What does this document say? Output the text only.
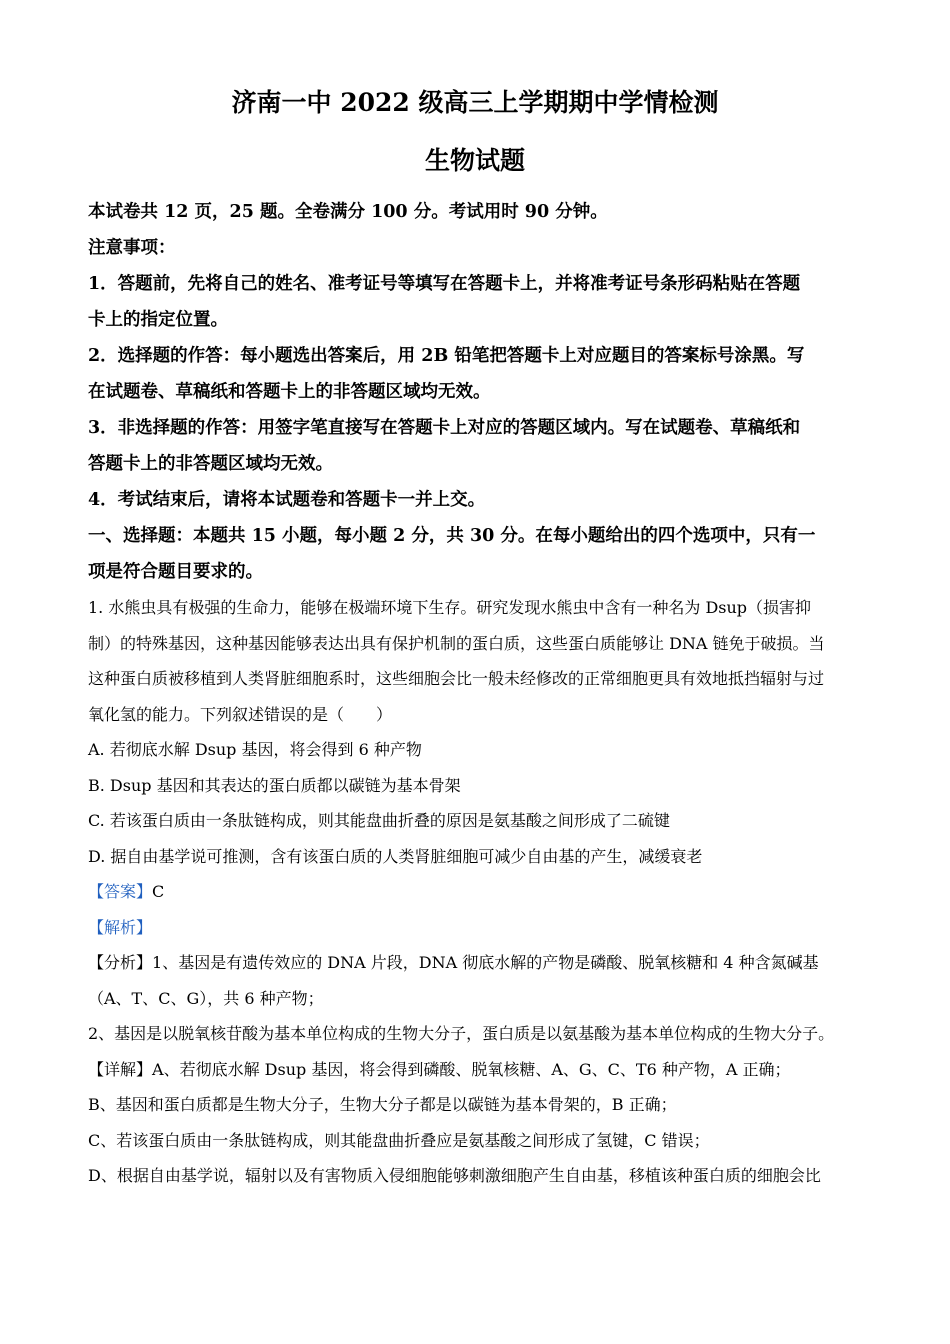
济南一中 2022 级高三上学期期中学情检测
生物试题

本试卷共 12 页，25 题。全卷满分 100 分。考试用时 90 分钟。

注意事项：

1．答题前，先将自己的姓名、准考证号等填写在答题卡上，并将准考证号条形码粘贴在答题

卡上的指定位置。

2．选择题的作答：每小题选出答案后，用 2B 铅笔把答题卡上对应题目的答案标号涂黑。写

在试题卷、草稿纸和答题卡上的非答题区域均无效。

3．非选择题的作答：用签字笔直接写在答题卡上对应的答题区域内。写在试题卷、草稿纸和

答题卡上的非答题区域均无效。

4．考试结束后，请将本试题卷和答题卡一并上交。

一、选择题：本题共 15 小题，每小题 2 分，共 30 分。在每小题给出的四个选项中，只有一

项是符合题目要求的。

1. 水熊虫具有极强的生命力，能够在极端环境下生存。研究发现水熊虫中含有一种名为 Dsup（损害抑

制）的特殊基因，这种基因能够表达出具有保护机制的蛋白质，这些蛋白质能够让 DNA 链免于破损。当

这种蛋白质被移植到人类肾脏细胞系时，这些细胞会比一般未经修改的正常细胞更具有效地抵挡辐射与过

氧化氢的能力。下列叙述错误的是（　　）

A. 若彻底水解 Dsup 基因，将会得到 6 种产物

B. Dsup 基因和其表达的蛋白质都以碳链为基本骨架

C. 若该蛋白质由一条肽链构成，则其能盘曲折叠的原因是氨基酸之间形成了二硫键

D. 据自由基学说可推测，含有该蛋白质的人类肾脏细胞可减少自由基的产生，减缓衰老

【答案】C

【解析】

【分析】1、基因是有遗传效应的 DNA 片段，DNA 彻底水解的产物是磷酸、脱氧核糖和 4 种含氮碱基

（A、T、C、G），共 6 种产物；

2、基因是以脱氧核苷酸为基本单位构成的生物大分子，蛋白质是以氨基酸为基本单位构成的生物大分子。

【详解】A、若彻底水解 Dsup 基因，将会得到磷酸、脱氧核糖、A、G、C、T6 种产物，A 正确；

B、基因和蛋白质都是生物大分子，生物大分子都是以碳链为基本骨架的，B 正确；

C、若该蛋白质由一条肽链构成，则其能盘曲折叠应是氨基酸之间形成了氢键，C 错误；

D、根据自由基学说，辐射以及有害物质入侵细胞能够刺激细胞产生自由基，移植该种蛋白质的细胞会比
